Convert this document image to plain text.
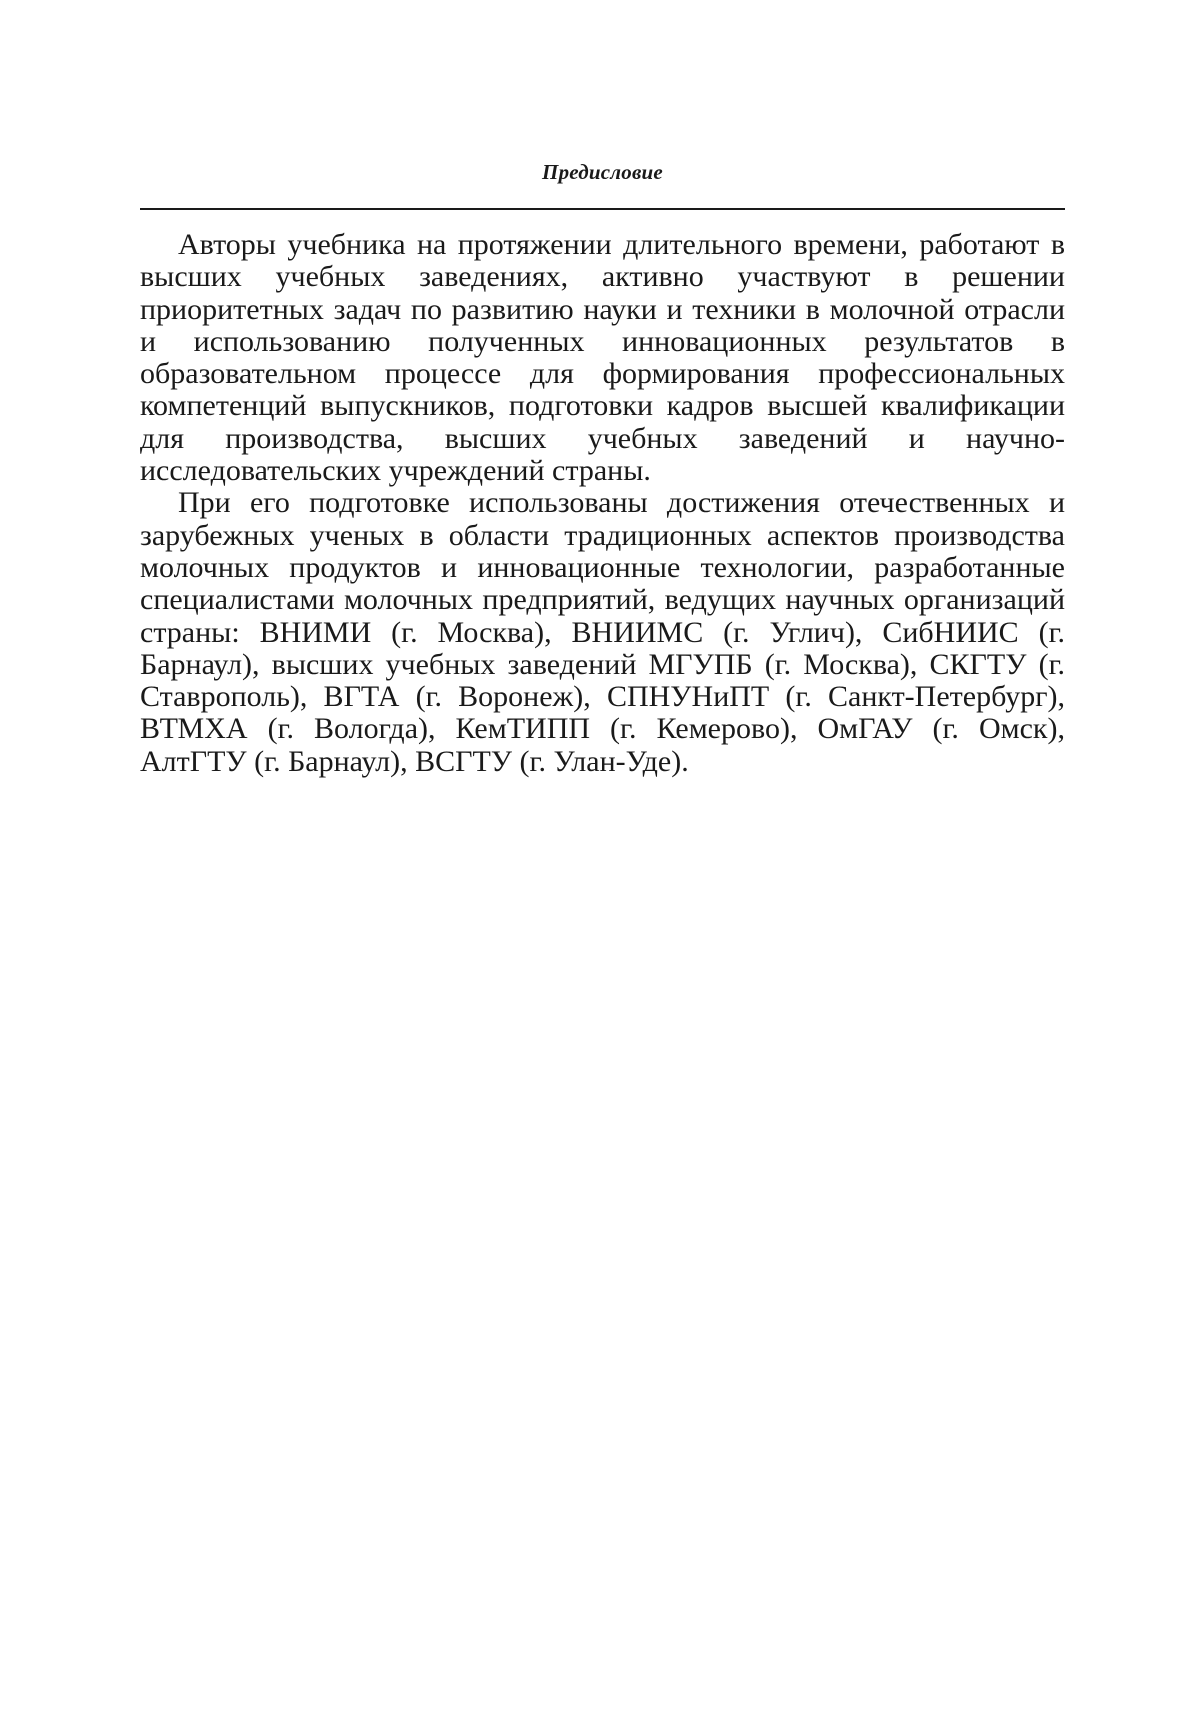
Предисловие

Авторы учебника на протяжении длительного времени, работают в высших учебных заведениях, активно участвуют в решении приоритетных задач по развитию науки и техники в молочной отрасли и использованию полученных инновационных результатов в образовательном процессе для формирования профессиональных компетенций выпускников, подготовки кадров высшей квалификации для производства, высших учебных заведений и научно-исследовательских учреждений страны.

При его подготовке использованы достижения отечественных и зарубежных ученых в области традиционных аспектов производства молочных продуктов и инновационные технологии, разработанные специалистами молочных предприятий, ведущих научных организаций страны: ВНИМИ (г. Москва), ВНИИМС (г. Углич), СибНИИС (г. Барнаул), высших учебных заведений МГУПБ (г. Москва), СКГТУ (г. Ставрополь), ВГТА (г. Воронеж), СПНУНиПТ (г. Санкт-Петербург), ВТМХА (г. Вологда), КемТИПП (г. Кемерово), ОмГАУ (г. Омск), АлтГТУ (г. Барнаул), ВСГТУ (г. Улан-Уде).
